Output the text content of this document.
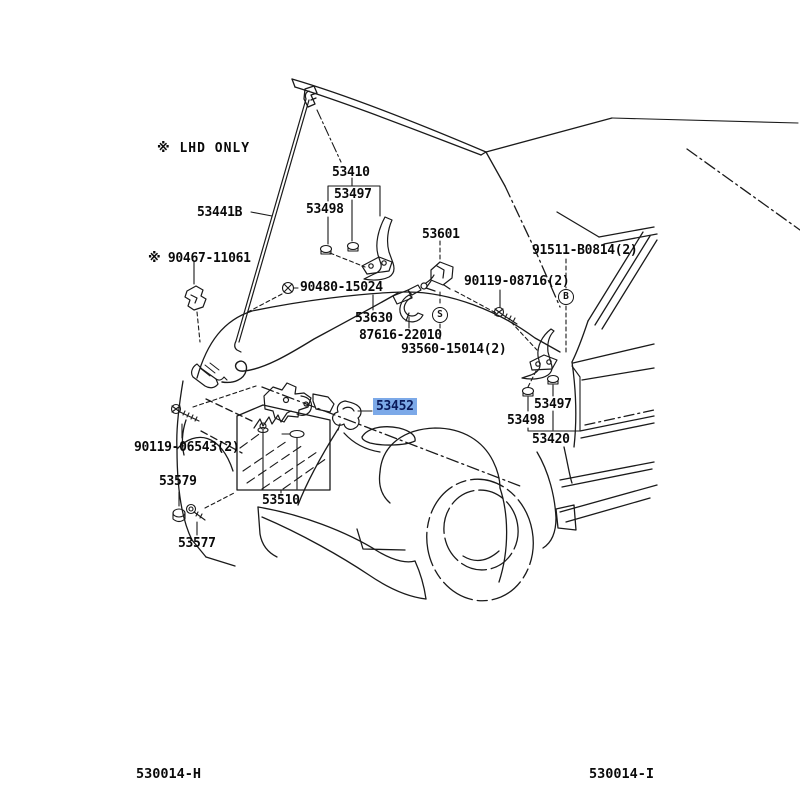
※ LHD ONLY
53441B
※ 90467-11061
53410
53497
53498
53601
91511-B0814(2)
90480-15024	90119-08716(2)
53630
87616-22010
93560-15014(2)
53452	53497
53498
53420
90119-06543(2)
53579
53510
53577
S
B
530014-H	530014-I
